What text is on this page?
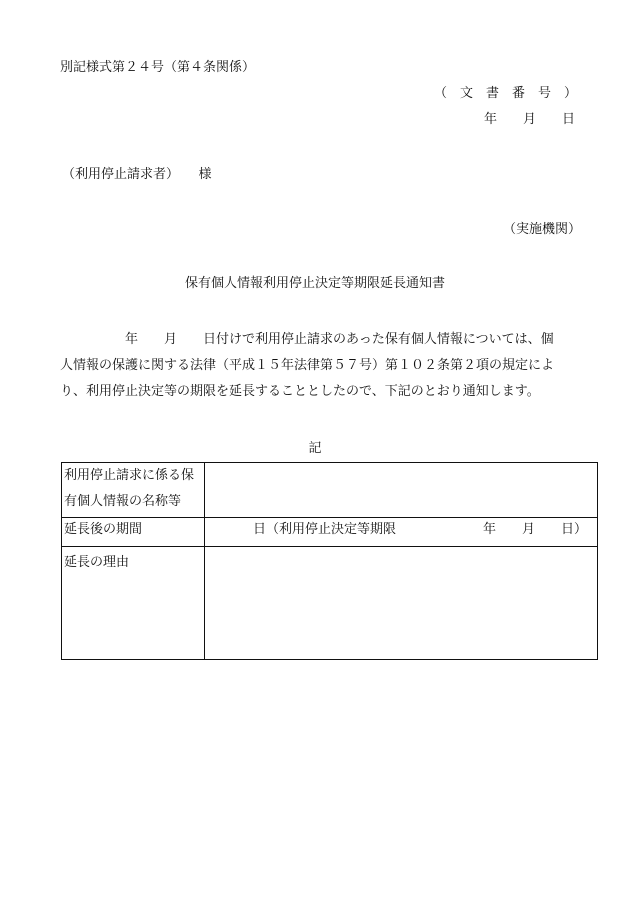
別記様式第２４号（第４条関係）
（　文　書　番　号　）
年　　月　　日
（利用停止請求者）　　様
（実施機関）
保有個人情報利用停止決定等期限延長通知書
　　　　　年　　月　　日付けで利用停止請求のあった保有個人情報については、個
人情報の保護に関する法律（平成１５年法律第５７号）第１０２条第２項の規定によ
り、利用停止決定等の期限を延長することとしたので、下記のとおり通知します。
記
利用停止請求に係る保
有個人情報の名称等	

延長後の期間	日（利用停止決定等期限 年　　月　　日）

延長の理由	
